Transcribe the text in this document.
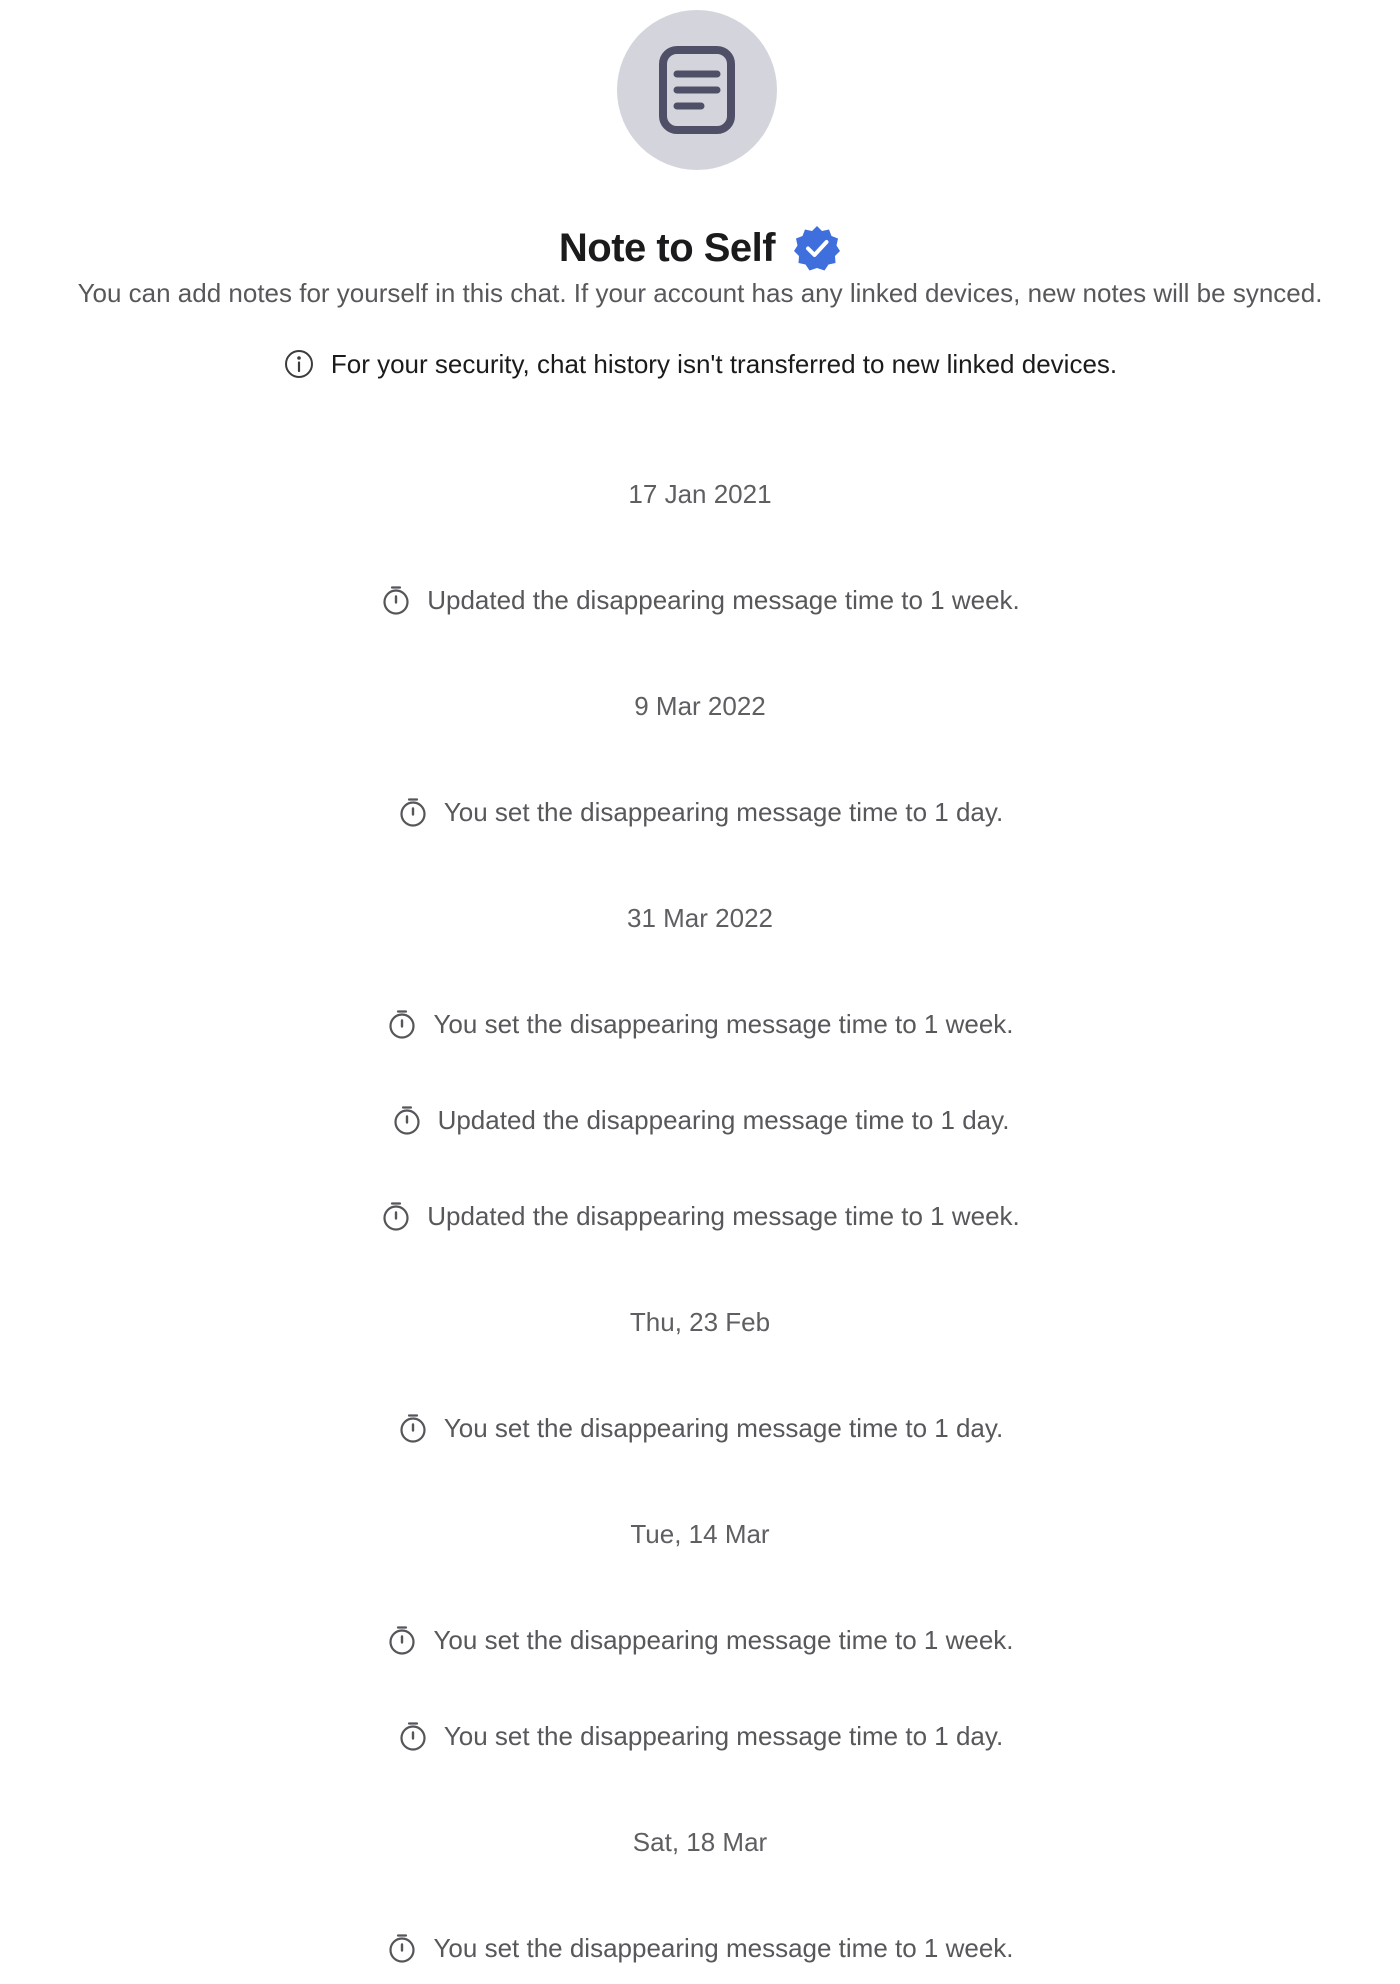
Note to Self
You can add notes for yourself in this chat. If your account has any linked devices, new notes will be synced.
For your security, chat history isn't transferred to new linked devices.
17 Jan 2021
Updated the disappearing message time to 1 week.
9 Mar 2022
You set the disappearing message time to 1 day.
31 Mar 2022
You set the disappearing message time to 1 week.
Updated the disappearing message time to 1 day.
Updated the disappearing message time to 1 week.
Thu, 23 Feb
You set the disappearing message time to 1 day.
Tue, 14 Mar
You set the disappearing message time to 1 week.
You set the disappearing message time to 1 day.
Sat, 18 Mar
You set the disappearing message time to 1 week.
